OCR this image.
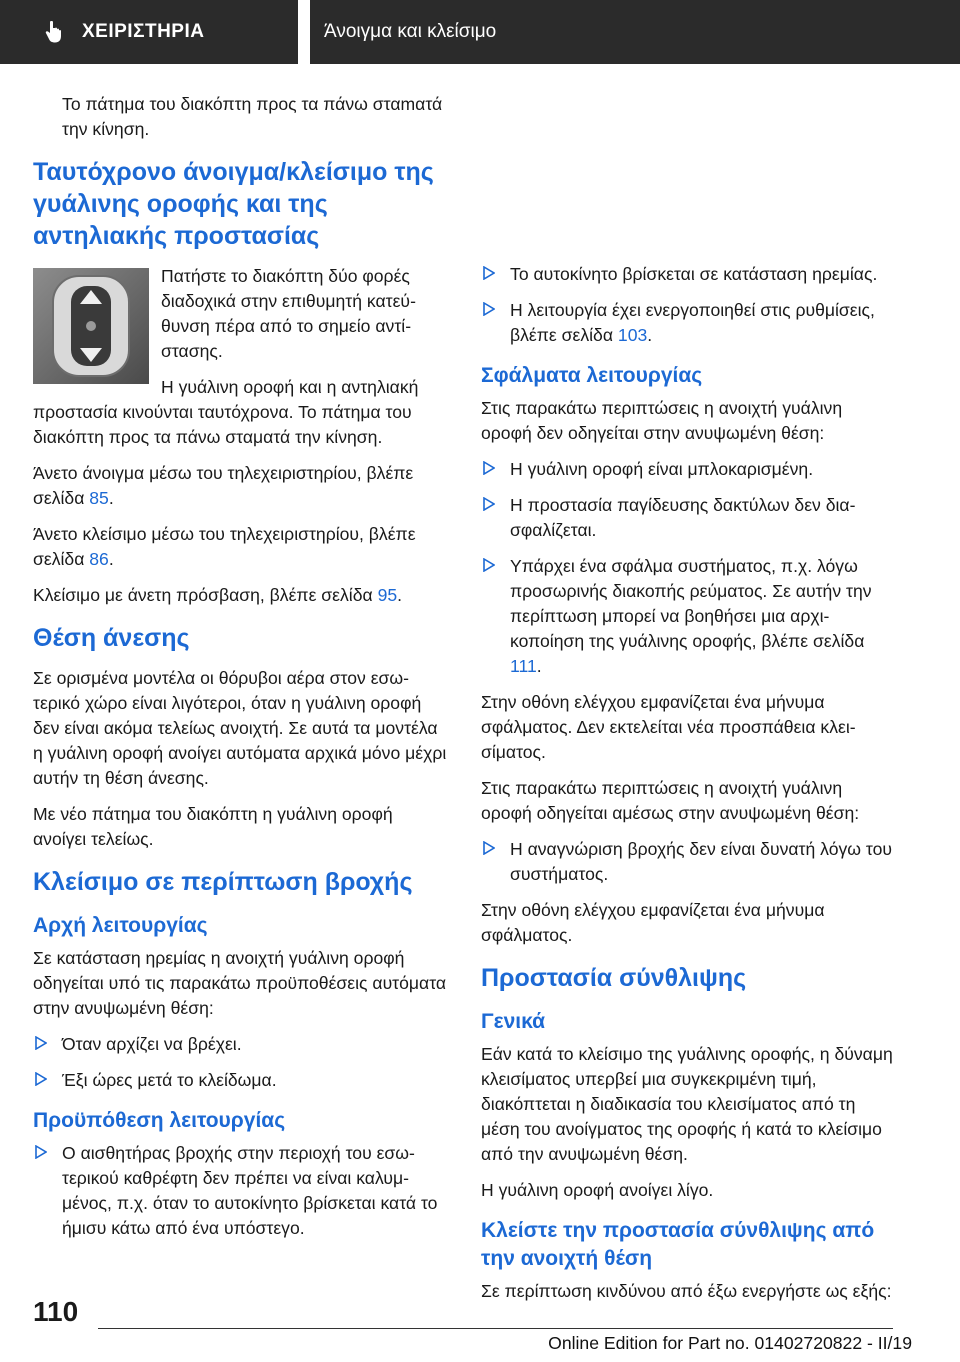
ΧΕΙΡΙΣΤΗΡΙΑ	Άνοιγμα και κλείσιμο

Το πάτημα του διακόπτη προς τα πάνω σταmατά την κίνηση.

Ταυτόχρονο άνοιγμα/κλείσιμο της γυάλινης οροφής και της αντηλιακής προστασίας

Πατήστε το διακόπτη δύο φορές διαδοχικά στην επιθυμητή κατεύθυνση πέρα από το σημείο αντίστασης.

Η γυάλινη οροφή και η αντηλιακή προστασία κινούνται ταυτόχρονα. Το πάτημα του διακόπτη προς τα πάνω σταματά την κίνηση.

Άνετο άνοιγμα μέσω του τηλεχειριστηρίου, βλέπε σελίδα 85.

Άνετο κλείσιμο μέσω του τηλεχειριστηρίου, βλέπε σελίδα 86.

Κλείσιμο με άνετη πρόσβαση, βλέπε σελίδα 95.

Θέση άνεσης

Σε ορισμένα μοντέλα οι θόρυβοι αέρα στον εσωτερικό χώρο είναι λιγότεροι, όταν η γυάλινη οροφή δεν είναι ακόμα τελείως ανοιχτή. Σε αυτά τα μοντέλα η γυάλινη οροφή ανοίγει αυτόματα αρχικά μόνο μέχρι αυτήν τη θέση άνεσης.

Με νέο πάτημα του διακόπτη η γυάλινη οροφή ανοίγει τελείως.

Κλείσιμο σε περίπτωση βροχής
Αρχή λειτουργίας

Σε κατάσταση ηρεμίας η ανοιχτή γυάλινη οροφή οδηγείται υπό τις παρακάτω προϋποθέσεις αυτόματα στην ανυψωμένη θέση:

Όταν αρχίζει να βρέχει.
Έξι ώρες μετά το κλείδωμα.
Προϋπόθεση λειτουργίας
Ο αισθητήρας βροχής στην περιοχή του εσωτερικού καθρέφτη δεν πρέπει να είναι καλυμμένος, π.χ. όταν το αυτοκίνητο βρίσκεται κατά το ήμισυ κάτω από ένα υπόστεγο.
Το αυτοκίνητο βρίσκεται σε κατάσταση ηρεμίας.
Η λειτουργία έχει ενεργοποιηθεί στις ρυθμίσεις, βλέπε σελίδα 103.
Σφάλματα λειτουργίας

Στις παρακάτω περιπτώσεις η ανοιχτή γυάλινη οροφή δεν οδηγείται στην ανυψωμένη θέση:

Η γυάλινη οροφή είναι μπλοκαρισμένη.
Η προστασία παγίδευσης δακτύλων δεν διασφαλίζεται.
Υπάρχει ένα σφάλμα συστήματος, π.χ. λόγω προσωρινής διακοπής ρεύματος. Σε αυτήν την περίπτωση μπορεί να βοηθήσει μια αρχικοποίηση της γυάλινης οροφής, βλέπε σελίδα 111.

Στην οθόνη ελέγχου εμφανίζεται ένα μήνυμα σφάλματος. Δεν εκτελείται νέα προσπάθεια κλεισίματος.

Στις παρακάτω περιπτώσεις η ανοιχτή γυάλινη οροφή οδηγείται αμέσως στην ανυψωμένη θέση:

Η αναγνώριση βροχής δεν είναι δυνατή λόγω του συστήματος.

Στην οθόνη ελέγχου εμφανίζεται ένα μήνυμα σφάλματος.

Προστασία σύνθλιψης
Γενικά

Εάν κατά το κλείσιμο της γυάλινης οροφής, η δύναμη κλεισίματος υπερβεί μια συγκεκριμένη τιμή, διακόπτεται η διαδικασία του κλεισίματος από τη μέση του ανοίγματος της οροφής ή κατά το κλείσιμο από την ανυψωμένη θέση.

Η γυάλινη οροφή ανοίγει λίγο.

Κλείστε την προστασία σύνθλιψης από την ανοιχτή θέση

Σε περίπτωση κινδύνου από έξω ενεργήστε ως εξής:

110
Online Edition for Part no. 01402720822 - II/19
